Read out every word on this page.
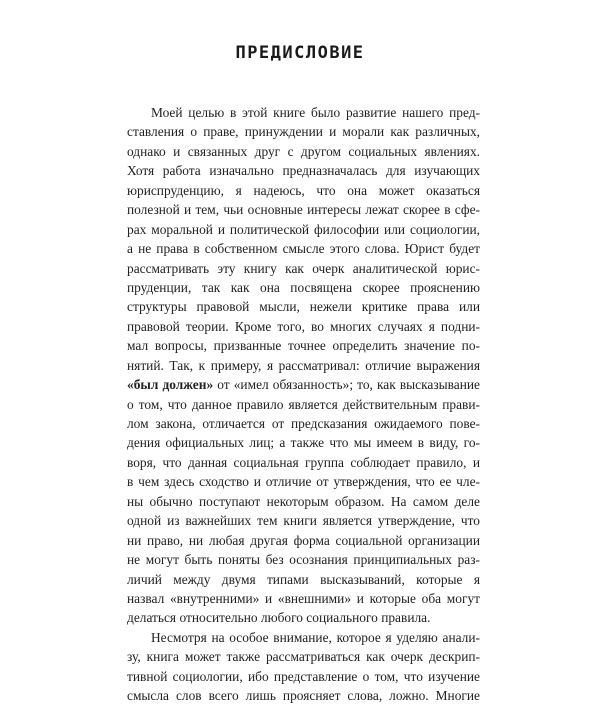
ПРЕДИСЛОВИЕ
Моей целью в этой книге было развитие нашего пред-
ставления о праве, принуждении и морали как различных,
однако и связанных друг с другом социальных явлениях.
Хотя работа изначально предназначалась для изучающих
юриспруденцию, я надеюсь, что она может оказаться
полезной и тем, чьи основные интересы лежат скорее в сфе-
рах моральной и политической философии или социологии,
а не права в собственном смысле этого слова. Юрист будет
рассматривать эту книгу как очерк аналитической юрис-
пруденции, так как она посвящена скорее прояснению
структуры правовой мысли, нежели критике права или
правовой теории. Кроме того, во многих случаях я подни-
мал вопросы, призванные точнее определить значение по-
нятий. Так, к примеру, я рассматривал: отличие выражения
«был должен» от «имел обязанность»; то, как высказывание
о том, что данное правило является действительным прави-
лом закона, отличается от предсказания ожидаемого пове-
дения официальных лиц; а также что мы имеем в виду, го-
воря, что данная социальная группа соблюдает правило, и
в чем здесь сходство и отличие от утверждения, что ее чле-
ны обычно поступают некоторым образом. На самом деле
одной из важнейших тем книги является утверждение, что
ни право, ни любая другая форма социальной организации
не могут быть поняты без осознания принципиальных раз-
личий между двумя типами высказываний, которые я
назвал «внутренними» и «внешними» и которые оба могут
делаться относительно любого социального правила.
Несмотря на особое внимание, которое я уделяю анали-
зу, книга может также рассматриваться как очерк дескрип-
тивной социологии, ибо представление о том, что изучение
смысла слов всего лишь проясняет слова, ложно. Многие
